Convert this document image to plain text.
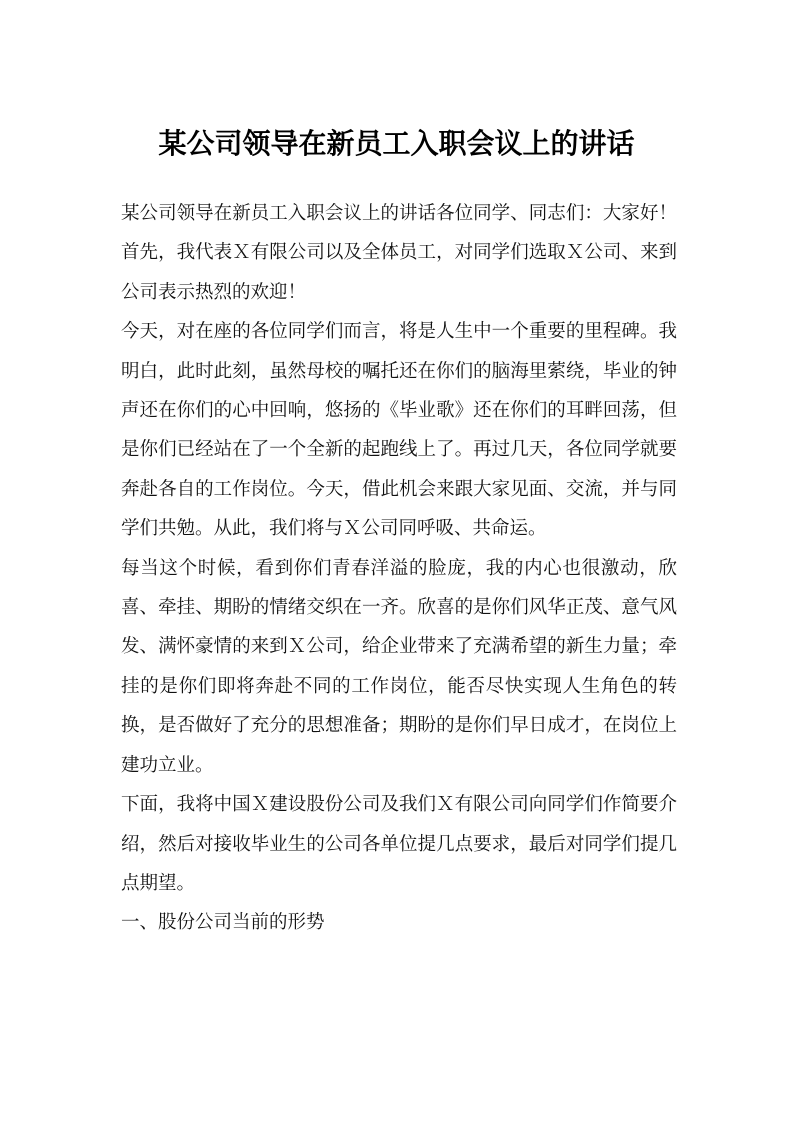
某公司领导在新员工入职会议上的讲话

某公司领导在新员工入职会议上的讲话各位同学、同志们：大家好！首先，我代表Ｘ有限公司以及全体员工，对同学们选取Ｘ公司、来到公司表示热烈的欢迎！

今天，对在座的各位同学们而言，将是人生中一个重要的里程碑。我明白，此时此刻，虽然母校的嘱托还在你们的脑海里萦绕，毕业的钟声还在你们的心中回响，悠扬的《毕业歌》还在你们的耳畔回荡，但是你们已经站在了一个全新的起跑线上了。再过几天，各位同学就要奔赴各自的工作岗位。今天，借此机会来跟大家见面、交流，并与同学们共勉。从此，我们将与Ｘ公司同呼吸、共命运。

每当这个时候，看到你们青春洋溢的脸庞，我的内心也很激动，欣喜、牵挂、期盼的情绪交织在一齐。欣喜的是你们风华正茂、意气风发、满怀豪情的来到Ｘ公司，给企业带来了充满希望的新生力量；牵挂的是你们即将奔赴不同的工作岗位，能否尽快实现人生角色的转换，是否做好了充分的思想准备；期盼的是你们早日成才，在岗位上建功立业。

下面，我将中国Ｘ建设股份公司及我们Ｘ有限公司向同学们作简要介绍，然后对接收毕业生的公司各单位提几点要求，最后对同学们提几点期望。

一、股份公司当前的形势
